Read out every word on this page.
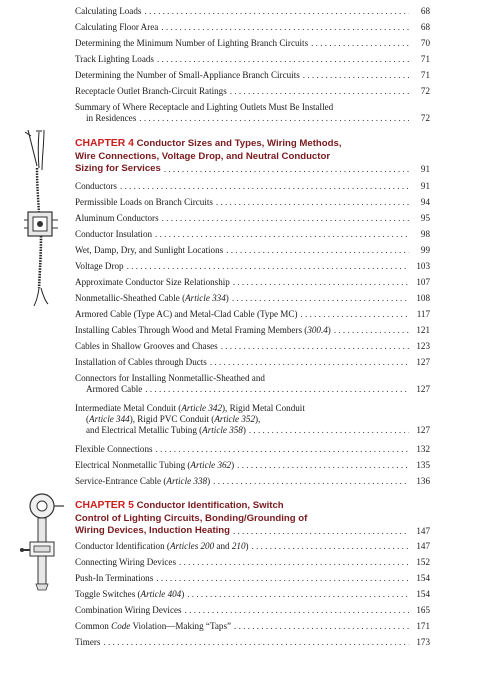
Calculating Loads . . .	68
Calculating Floor Area . . .	68
Determining the Minimum Number of Lighting Branch Circuits . . .	70
Track Lighting Loads . . .	71
Determining the Number of Small-Appliance Branch Circuits . . .	71
Receptacle Outlet Branch-Circuit Ratings . . .	72
Summary of Where Receptacle and Lighting Outlets Must Be Installed
in Residences . . .	72
CHAPTER 4 Conductor Sizes and Types, Wiring Methods,
Wire Connections, Voltage Drop, and Neutral Conductor
Sizing for Services . . .	91
Conductors . . .	91
Permissible Loads on Branch Circuits . . .	94
Aluminum Conductors . . .	95
Conductor Insulation . . .	98
Wet, Damp, Dry, and Sunlight Locations . . .	99
Voltage Drop . . .	103
Approximate Conductor Size Relationship . . .	107
Nonmetallic-Sheathed Cable (Article 334) . . .	108
Armored Cable (Type AC) and Metal-Clad Cable (Type MC) . . .	117
Installing Cables Through Wood and Metal Framing Members (300.4) . . .	121
Cables in Shallow Grooves and Chases . . .	123
Installation of Cables through Ducts . . .	127
Connectors for Installing Nonmetallic-Sheathed and
Armored Cable . . .	127
Intermediate Metal Conduit (Article 342), Rigid Metal Conduit
(Article 344), Rigid PVC Conduit (Article 352),
and Electrical Metallic Tubing (Article 358) . . .	127
Flexible Connections . . .	132
Electrical Nonmetallic Tubing (Article 362) . . .	135
Service-Entrance Cable (Article 338) . . .	136
CHAPTER 5 Conductor Identification, Switch
Control of Lighting Circuits, Bonding/Grounding of
Wiring Devices, Induction Heating . . .	147
Conductor Identification (Articles 200 and 210) . . .	147
Connecting Wiring Devices . . .	152
Push-In Terminations . . .	154
Toggle Switches (Article 404) . . .	154
Combination Wiring Devices . . .	165
Common Code Violation—Making “Taps” . . .	171
Timers . . .	173
